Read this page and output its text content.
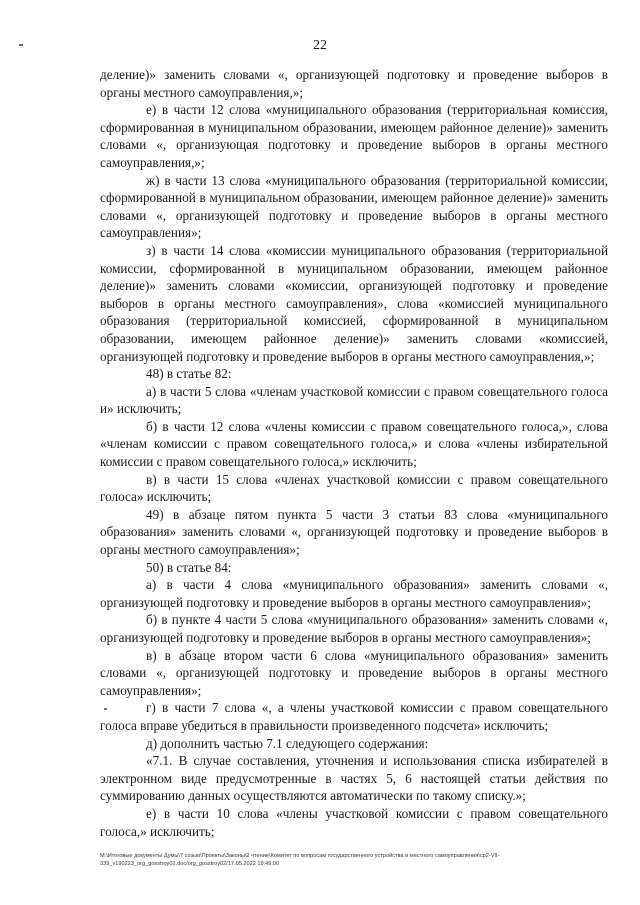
22

деление)» заменить словами «, организующей подготовку и проведение выборов в органы местного самоуправления,»;

е) в части 12 слова «муниципального образования (территориальная комиссия, сформированная в муниципальном образовании, имеющем районное деление)» заменить словами «, организующая подготовку и проведение выборов в органы местного самоуправления,»;

ж) в части 13 слова «муниципального образования (территориальной комиссии, сформированной в муниципальном образовании, имеющем районное деление)» заменить словами «, организующей подготовку и проведение выборов в органы местного самоуправления»;

з) в части 14 слова «комиссии муниципального образования (территориальной комиссии, сформированной в муниципальном образовании, имеющем районное деление)» заменить словами «комиссии, организующей подготовку и проведение выборов в органы местного самоуправления», слова «комиссией муниципального образования (территориальной комиссией, сформированной в муниципальном образовании, имеющем районное деление)» заменить словами «комиссией, организующей подготовку и проведение выборов в органы местного самоуправления,»;

48) в статье 82:

а) в части 5 слова «членам участковой комиссии с правом совещательного голоса и» исключить;

б) в части 12 слова «члены комиссии с правом совещательного голоса,», слова «членам комиссии с правом совещательного голоса,» и слова «члены избирательной комиссии с правом совещательного голоса,» исключить;

в) в части 15 слова «членах участковой комиссии с правом совещательного голоса» исключить;

49) в абзаце пятом пункта 5 части 3 статьи 83 слова «муниципального образования» заменить словами «, организующей подготовку и проведение выборов в органы местного самоуправления»;

50) в статье 84:

а) в части 4 слова «муниципального образования» заменить словами «, организующей подготовку и проведение выборов в органы местного самоуправления»;

б) в пункте 4 части 5 слова «муниципального образования» заменить словами «, организующей подготовку и проведение выборов в органы местного самоуправления»;

в) в абзаце втором части 6 слова «муниципального образования» заменить словами «, организующей подготовку и проведение выборов в органы местного самоуправления»;

г) в части 7 слова «, а члены участковой комиссии с правом совещательного голоса вправе убедиться в правильности произведенного подсчета» исключить;

д) дополнить частью 7.1 следующего содержания:

«7.1. В случае составления, уточнения и использования списка избирателей в электронном виде предусмотренные в частях 5, 6 настоящей статьи действия по суммированию данных осуществляются автоматически по такому списку.»;

е) в части 10 слова «члены участковой комиссии с правом совещательного голоса,» исключить;

M:\Итоговые документы Думы\7 созыв\Проекты\Законы\2 чтение\Комитет по вопросам государственного устройства и местного самоуправления\ср2-VII-339_v190223_org_gosstroy02.doc/org_gosstroy02/17.05.2022 19:49:00
